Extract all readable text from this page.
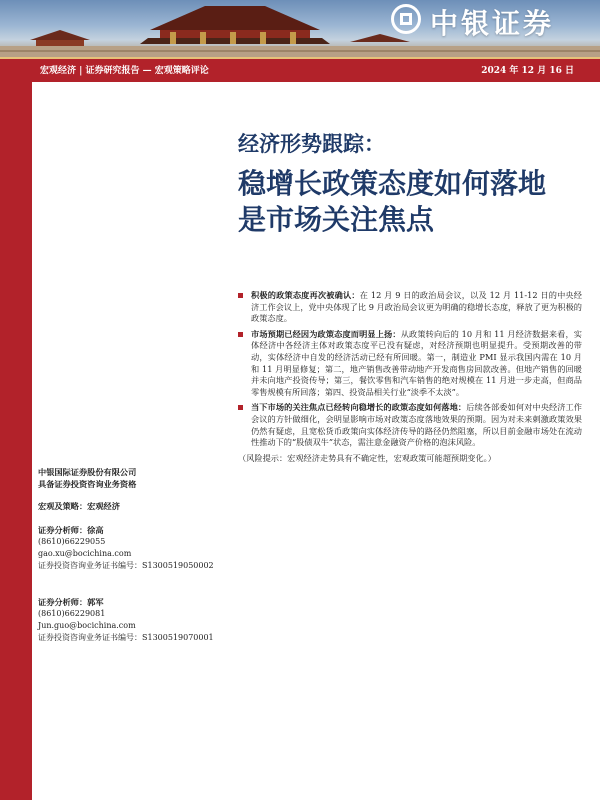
中银证券
宏观经济 | 证券研究报告 — 宏观策略评论	2024 年 12 月 16 日
经济形势跟踪：
稳增长政策态度如何落地
是市场关注焦点
积极的政策态度再次被确认：在 12 月 9 日的政治局会议，以及 12 月 11-12 日的中央经济工作会议上，党中央体现了比 9 月政治局会议更为明确的稳增长态度，释放了更为积极的政策态度。
市场预期已经因为政策态度而明显上扬：从政策转向后的 10 月和 11 月经济数据来看，实体经济中各经济主体对政策态度平已没有疑虑，对经济预期也明显提升。受预期改善的带动，实体经济中自发的经济活动已经有所回暖。第一，制造业 PMI 显示我国内需在 10 月和 11 月明显修复；第二，地产销售改善带动地产开发商售房回款改善。但地产销售的回暖并未向地产投资传导；第三，餐饮零售和汽车销售的绝对规模在 11 月进一步走高，但商品零售规模有所回落；第四、投资品相关行业“淡季不太淡”。
当下市场的关注焦点已经转向稳增长的政策态度如何落地：后续各部委如何对中央经济工作会议的方针做细化，会明显影响市场对政策态度落地效果的预期。因为对未来刺激政策效果仍然有疑虑，且宽松货币政策向实体经济传导的路径仍然阻塞，所以目前金融市场处在流动性推动下的“股债双牛”状态，需注意金融资产价格的泡沫风险。
（风险提示：宏观经济走势具有不确定性，宏观政策可能超预期变化。）
中银国际证券股份有限公司
具备证券投资咨询业务资格
宏观及策略：宏观经济
证券分析师：徐高
(8610)66229055
gao.xu@bocichina.com
证券投资咨询业务证书编号：S1300519050002
证券分析师：郭军
(8610)66229081
Jun.guo@bocichina.com
证券投资咨询业务证书编号：S1300519070001
